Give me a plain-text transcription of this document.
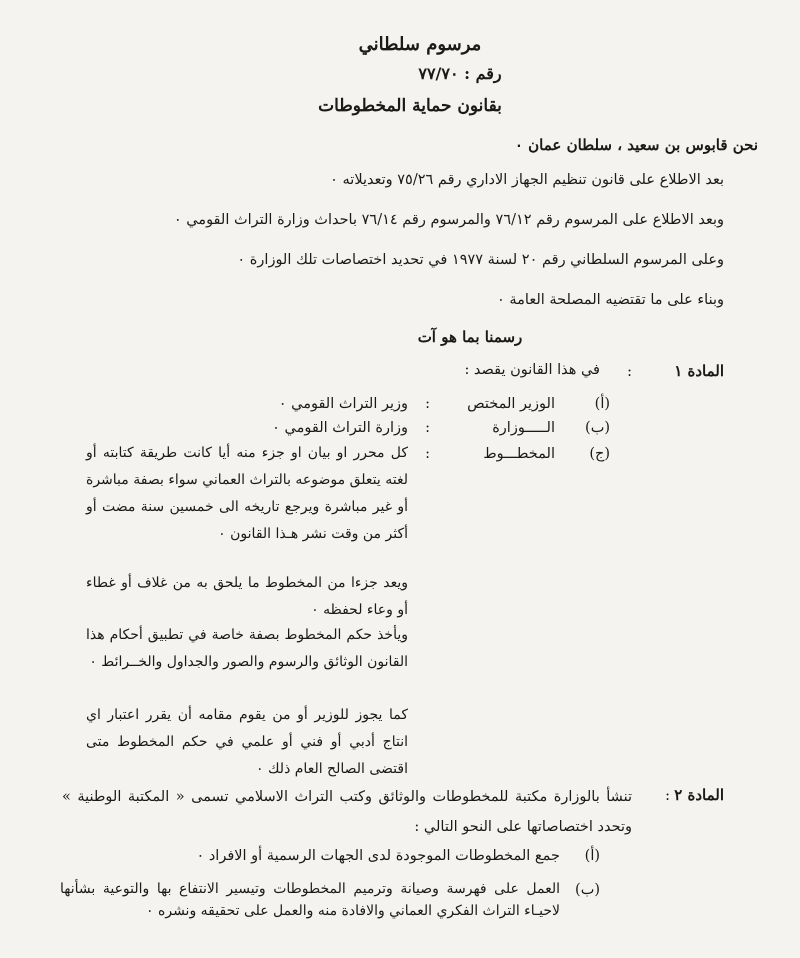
مرسوم سلطاني
رقم : ٧٧/٧٠
بقانون حماية المخطوطات
نحن قابوس بن سعيد ، سلطان عمان ٠
بعد الاطلاع على قانون تنظيم الجهاز الاداري رقم ٧٥/٢٦ وتعديلاته ٠
وبعد الاطلاع على المرسوم رقم ٧٦/١٢ والمرسوم رقم ٧٦/١٤ باحداث وزارة التراث القومي ٠
وعلى المرسوم السلطاني رقم ٢٠ لسنة ١٩٧٧ في تحديد اختصاصات تلك الوزارة ٠
وبناء على ما تقتضيه المصلحة العامة ٠
رسمنا بما هو آت
المادة ١
:
في هذا القانون يقصد :
(أ)
الوزير المختص
:
وزير التراث القومي ٠
(ب)
الـــــوزارة
:
وزارة التراث القومي ٠
(ج)
المخطـــوط
:
كل محرر او بيان او جزء منه أيا كانت طريقة كتابته أو لغته يتعلق موضوعه بالتراث العماني سواء بصفة مباشرة أو غير مباشرة ويرجع تاريخه الى خمسين سنة مضت أو أكثر من وقت نشر هـذا القانون ٠
ويعد جزءا من المخطوط ما يلحق به من غلاف أو غطاء أو وعاء لحفظه ٠
ويأخذ حكم المخطوط بصفة خاصة في تطبيق أحكام هذا القانون الوثائق والرسوم والصور والجداول والخــرائط ٠
كما يجوز للوزير أو من يقوم مقامه أن يقرر اعتبار اي انتاج أدبي أو فني أو علمي في حكم المخطوط متى اقتضى الصالح العام ذلك ٠
المادة ٢
:
تنشأ بالوزارة مكتبة للمخطوطات والوثائق وكتب التراث الاسلامي تسمى « المكتبة الوطنية » وتحدد اختصاصاتها على النحو التالي :
(أ)
جمع المخطوطات الموجودة لدى الجهات الرسمية أو الافراد ٠
(ب)
العمل على فهرسة وصيانة وترميم المخطوطات وتيسير الانتفاع بها والتوعية بشأنها لاحيـاء التراث الفكري العماني والافادة منه والعمل على تحقيقه ونشره ٠
